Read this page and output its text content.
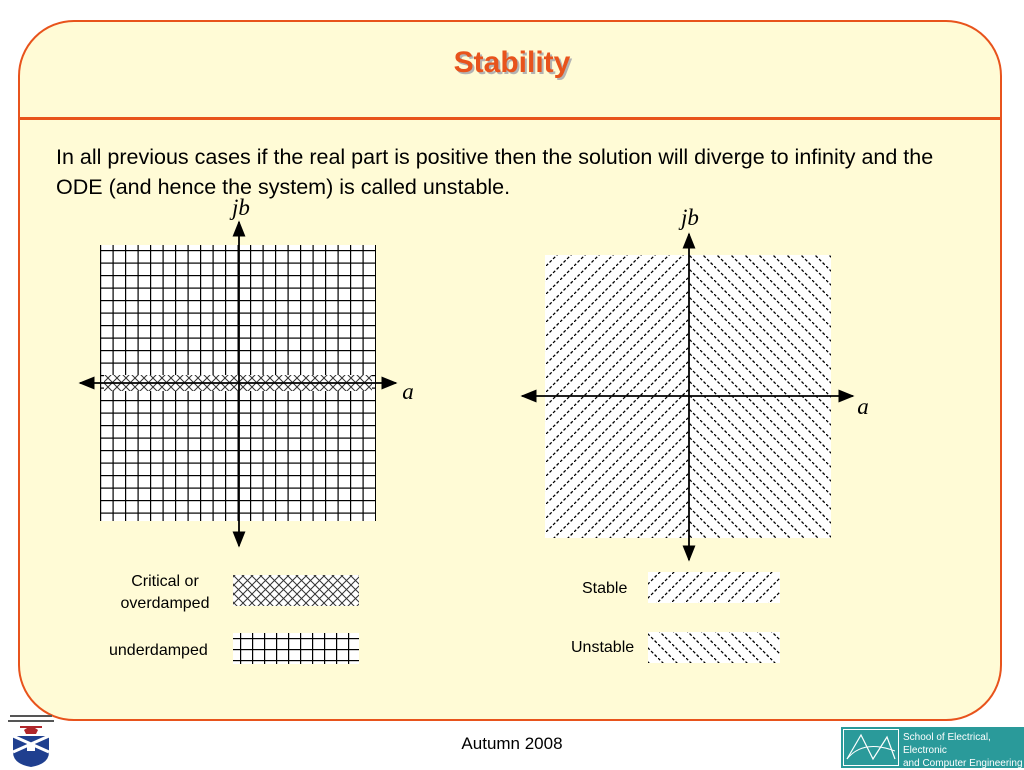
Stability
In all previous cases if the real part is positive then the solution will diverge to infinity and the ODE (and hence the system) is called unstable.
jb
a
jb
a
Critical or overdamped
underdamped
Stable
Unstable
Autumn 2008	School of Electrical, Electronic
and Computer Engineering
